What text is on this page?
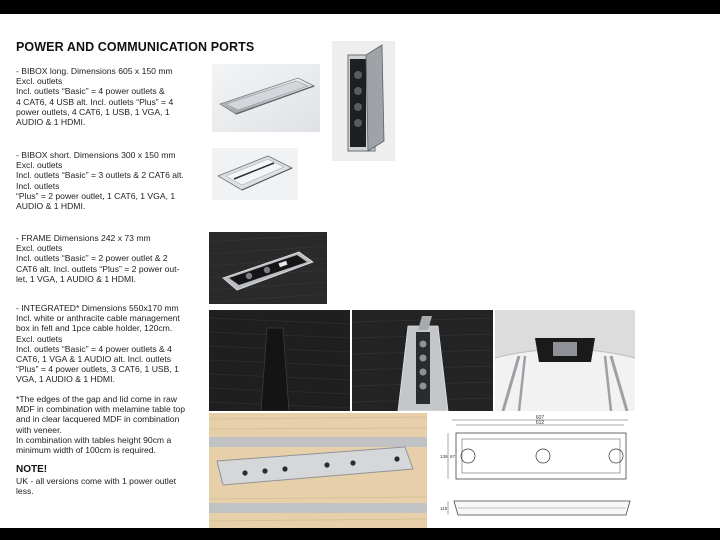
POWER AND COMMUNICATION PORTS

- BIBOX long. Dimensions 605 x 150 mm

Excl. outlets

Incl. outlets “Basic” = 4 power outlets &

4 CAT6, 4 USB alt. Incl. outlets “Plus” = 4

power outlets, 4 CAT6, 1 USB, 1 VGA, 1

AUDIO & 1 HDMI.

- BIBOX short. Dimensions 300 x 150 mm

Excl. outlets

Incl. outlets “Basic” = 3 outlets & 2 CAT6 alt.

Incl. outlets

“Plus” = 2 power outlet, 1 CAT6, 1 VGA, 1

AUDIO & 1 HDMI.

- FRAME Dimensions 242 x 73 mm

Excl. outlets

Incl. outlets “Basic” = 2 power outlet & 2

CAT6 alt. Incl. outlets “Plus” = 2 power out-

let, 1 VGA, 1 AUDIO & 1 HDMI.

- INTEGRATED* Dimensions 550x170 mm

Incl. white or anthracite cable management

box in felt and 1pce cable holder, 120cm.

Excl. outlets

Incl. outlets “Basic” = 4 power outlets & 4

CAT6, 1 VGA & 1 AUDIO alt. Incl. outlets

“Plus” = 4 power outlets, 3 CAT6, 1 USB, 1

VGA, 1 AUDIO & 1 HDMI.

*The edges of the gap and lid come in raw

MDF in combination with melamine table top

and in clear lacquered MDF in combination

with veneer.

In combination with tables height 90cm a

minimum width of 100cm is required.

NOTE!

UK - all versions come with 1 power outlet

less.

607
612
139 67
115
